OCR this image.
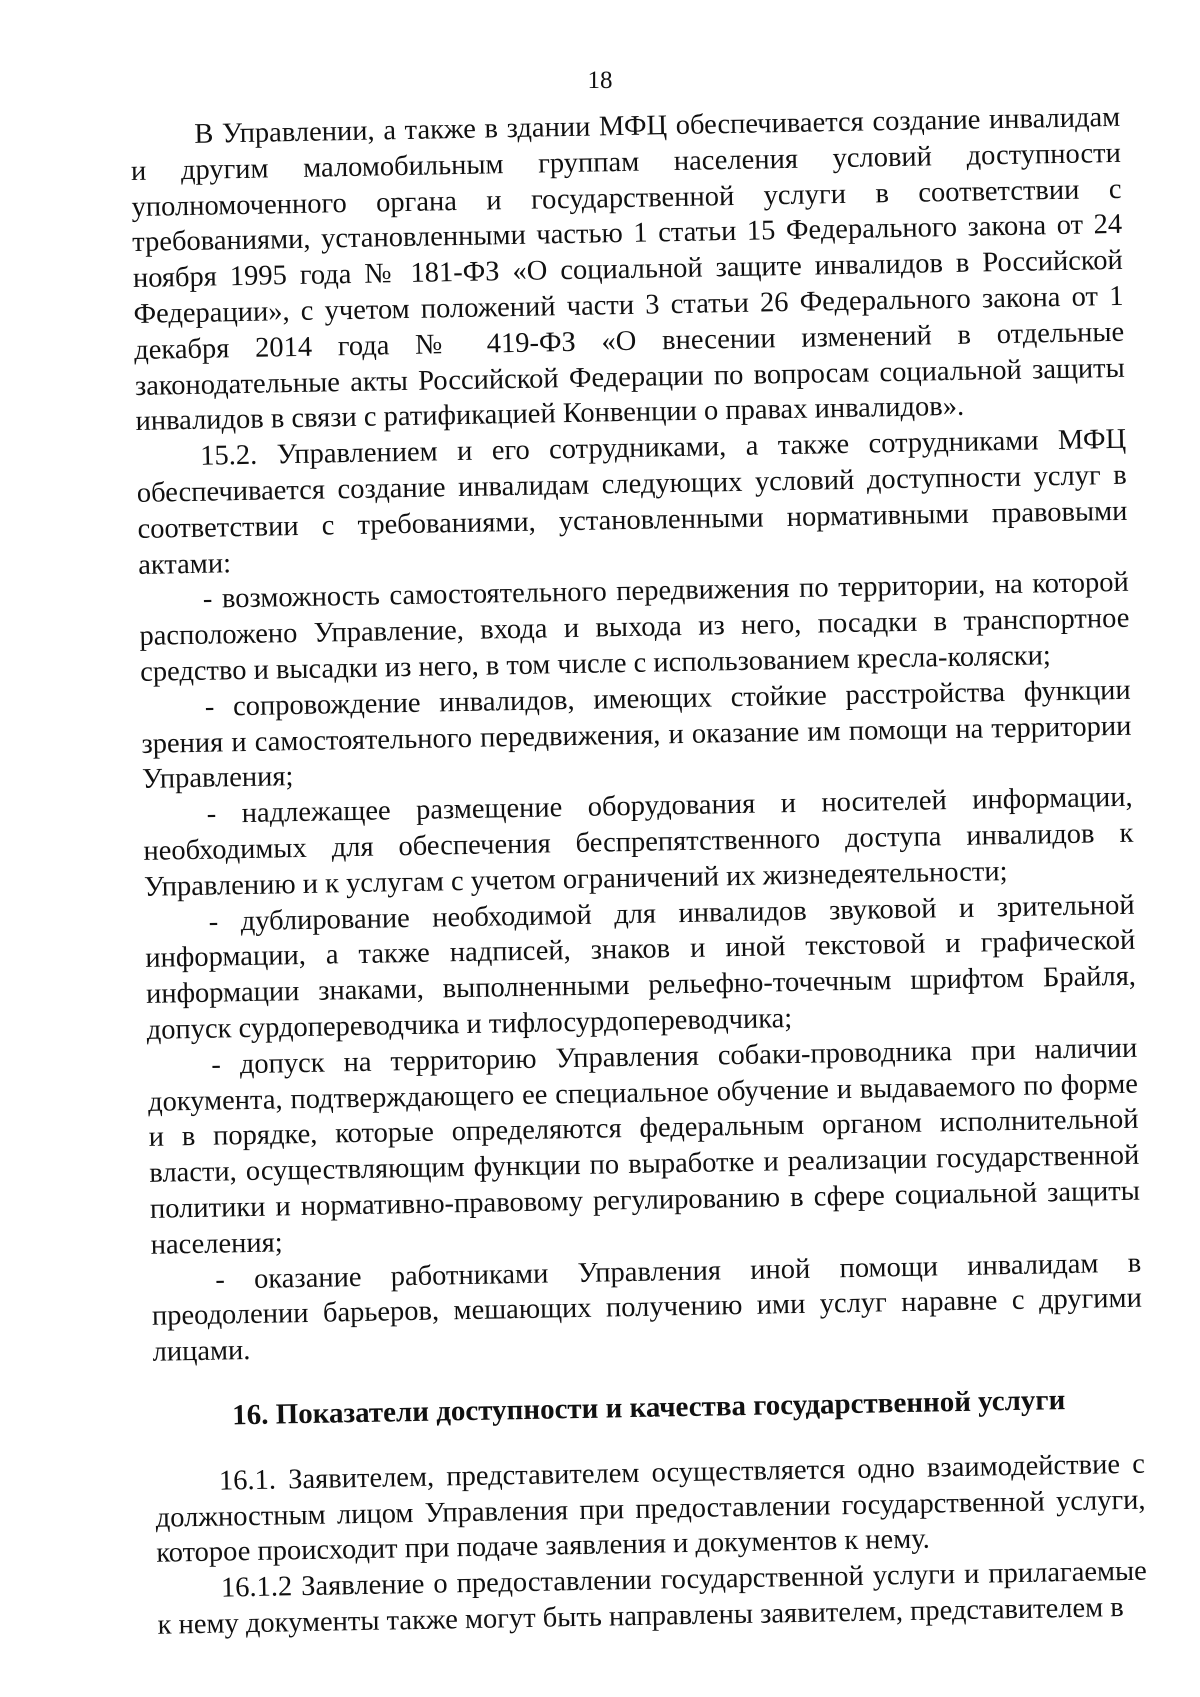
18

В Управлении, а также в здании МФЦ обеспечивается создание инвалидам и другим маломобильным группам населения условий доступности уполномоченного органа и государственной услуги в соответствии с требованиями, установленными частью 1 статьи 15 Федерального закона от 24 ноября 1995 года № 181-ФЗ «О социальной защите инвалидов в Российской Федерации», с учетом положений части 3 статьи 26 Федерального закона от 1 декабря 2014 года № 419-ФЗ «О внесении изменений в отдельные законодательные акты Российской Федерации по вопросам социальной защиты инвалидов в связи с ратификацией Конвенции о правах инвалидов».

15.2. Управлением и его сотрудниками, а также сотрудниками МФЦ обеспечивается создание инвалидам следующих условий доступности услуг в соответствии с требованиями, установленными нормативными правовыми актами:

- возможность самостоятельного передвижения по территории, на которой расположено Управление, входа и выхода из него, посадки в транспортное средство и высадки из него, в том числе с использованием кресла-коляски;

- сопровождение инвалидов, имеющих стойкие расстройства функции зрения и самостоятельного передвижения, и оказание им помощи на территории Управления;

- надлежащее размещение оборудования и носителей информации, необходимых для обеспечения беспрепятственного доступа инвалидов к Управлению и к услугам с учетом ограничений их жизнедеятельности;

- дублирование необходимой для инвалидов звуковой и зрительной информации, а также надписей, знаков и иной текстовой и графической информации знаками, выполненными рельефно-точечным шрифтом Брайля, допуск сурдопереводчика и тифлосурдопереводчика;

- допуск на территорию Управления собаки-проводника при наличии документа, подтверждающего ее специальное обучение и выдаваемого по форме и в порядке, которые определяются федеральным органом исполнительной власти, осуществляющим функции по выработке и реализации государственной политики и нормативно-правовому регулированию в сфере социальной защиты населения;

- оказание работниками Управления иной помощи инвалидам в преодолении барьеров, мешающих получению ими услуг наравне с другими лицами.

16. Показатели доступности и качества государственной услуги

16.1. Заявителем, представителем осуществляется одно взаимодействие с должностным лицом Управления при предоставлении государственной услуги, которое происходит при подаче заявления и документов к нему.

16.1.2 Заявление о предоставлении государственной услуги и прилагаемые к нему документы также могут быть направлены заявителем, представителем в
